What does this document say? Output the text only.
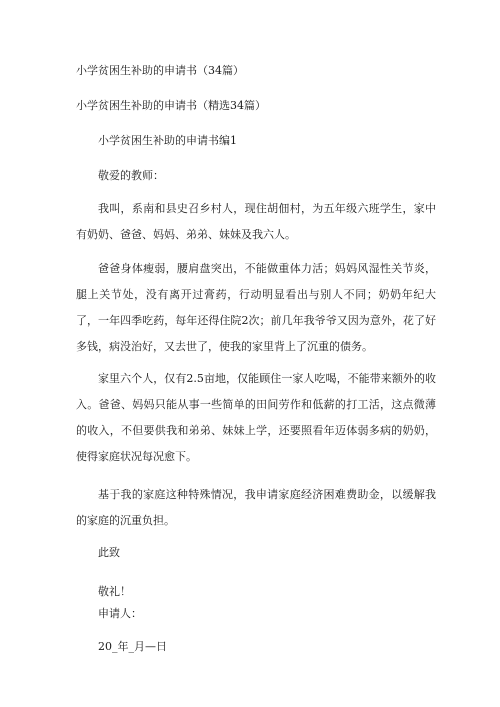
小学贫困生补助的申请书（34篇）
小学贫困生补助的申请书（精选34篇）
小学贫困生补助的申请书编1
敬爱的教师：
我叫，系南和县史召乡村人，现住胡佃村，为五年级六班学生，家中有奶奶、爸爸、妈妈、弟弟、妹妹及我六人。
爸爸身体瘦弱，腰肩盘突出，不能做重体力活；妈妈风湿性关节炎，腿上关节处，没有离开过膏药，行动明显看出与别人不同；奶奶年纪大了，一年四季吃药，每年还得住院2次；前几年我爷爷又因为意外，花了好多钱，病没治好，又去世了，使我的家里背上了沉重的债务。
家里六个人，仅有2.5亩地，仅能顾住一家人吃喝，不能带来额外的收入。爸爸、妈妈只能从事一些简单的田间劳作和低薪的打工活，这点微薄的收入，不但要供我和弟弟、妹妹上学，还要照看年迈体弱多病的奶奶，使得家庭状况每况愈下。
基于我的家庭这种特殊情况，我申请家庭经济困难费助金，以缓解我的家庭的沉重负担。
此致
敬礼！
申请人：
20_年_月—日
